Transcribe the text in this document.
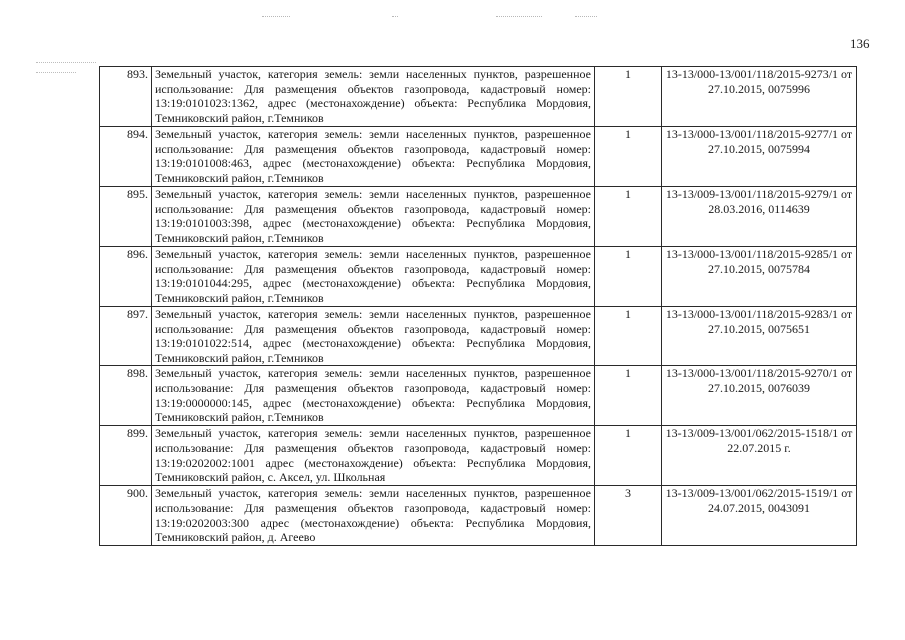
136
893.	Земельный участок, категория земель: земли населенных пунктов, разрешенное использование: Для размещения объектов газопровода, кадастровый номер: 13:19:0101023:1362, адрес (местонахождение) объекта: Республика Мордовия, Темниковский район, г.Темников	1	13-13/000-13/001/118/2015-9273/1 от 27.10.2015, 0075996
894.	Земельный участок, категория земель: земли населенных пунктов, разрешенное использование: Для размещения объектов газопровода, кадастровый номер: 13:19:0101008:463, адрес (местонахождение) объекта: Республика Мордовия, Темниковский район, г.Темников	1	13-13/000-13/001/118/2015-9277/1 от 27.10.2015, 0075994
895.	Земельный участок, категория земель: земли населенных пунктов, разрешенное использование: Для размещения объектов газопровода, кадастровый номер: 13:19:0101003:398, адрес (местонахождение) объекта: Республика Мордовия, Темниковский район, г.Темников	1	13-13/009-13/001/118/2015-9279/1 от 28.03.2016, 0114639
896.	Земельный участок, категория земель: земли населенных пунктов, разрешенное использование: Для размещения объектов газопровода, кадастровый номер: 13:19:0101044:295, адрес (местонахождение) объекта: Республика Мордовия, Темниковский район, г.Темников	1	13-13/000-13/001/118/2015-9285/1 от 27.10.2015, 0075784
897.	Земельный участок, категория земель: земли населенных пунктов, разрешенное использование: Для размещения объектов газопровода, кадастровый номер: 13:19:0101022:514, адрес (местонахождение) объекта: Республика Мордовия, Темниковский район, г.Темников	1	13-13/000-13/001/118/2015-9283/1 от 27.10.2015, 0075651
898.	Земельный участок, категория земель: земли населенных пунктов, разрешенное использование: Для размещения объектов газопровода, кадастровый номер: 13:19:0000000:145, адрес (местонахождение) объекта: Республика Мордовия, Темниковский район, г.Темников	1	13-13/000-13/001/118/2015-9270/1 от 27.10.2015, 0076039
899.	Земельный участок, категория земель: земли населенных пунктов, разрешенное использование: Для размещения объектов газопровода, кадастровый номер: 13:19:0202002:1001 адрес (местонахождение) объекта: Республика Мордовия, Темниковский район, с. Аксел, ул. Школьная	1	13-13/009-13/001/062/2015-1518/1 от 22.07.2015 г.
900.	Земельный участок, категория земель: земли населенных пунктов, разрешенное использование: Для размещения объектов газопровода, кадастровый номер: 13:19:0202003:300 адрес (местонахождение) объекта: Республика Мордовия, Темниковский район, д. Агеево	3	13-13/009-13/001/062/2015-1519/1 от 24.07.2015, 0043091
